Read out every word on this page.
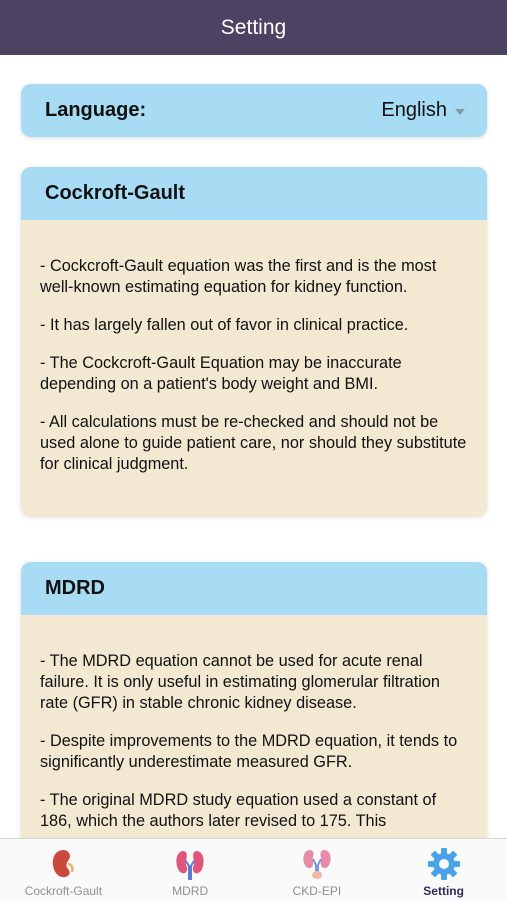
Setting
Language:	English
Cockroft-Gault

- Cockcroft-Gault equation was the first and is the most well-known estimating equation for kidney function.

- It has largely fallen out of favor in clinical practice.

- The Cockcroft-Gault Equation may be inaccurate depending on a patient's body weight and BMI.

- All calculations must be re-checked and should not be used alone to guide patient care, nor should they substitute for clinical judgment.

MDRD

- The MDRD equation cannot be used for acute renal failure. It is only useful in estimating glomerular filtration rate (GFR) in stable chronic kidney disease.

- Despite improvements to the MDRD equation, it tends to significantly underestimate measured GFR.

- The original MDRD study equation used a constant of 186, which the authors later revised to 175. This

Cockroft-Gault	MDRD	CKD-EPI	Setting
